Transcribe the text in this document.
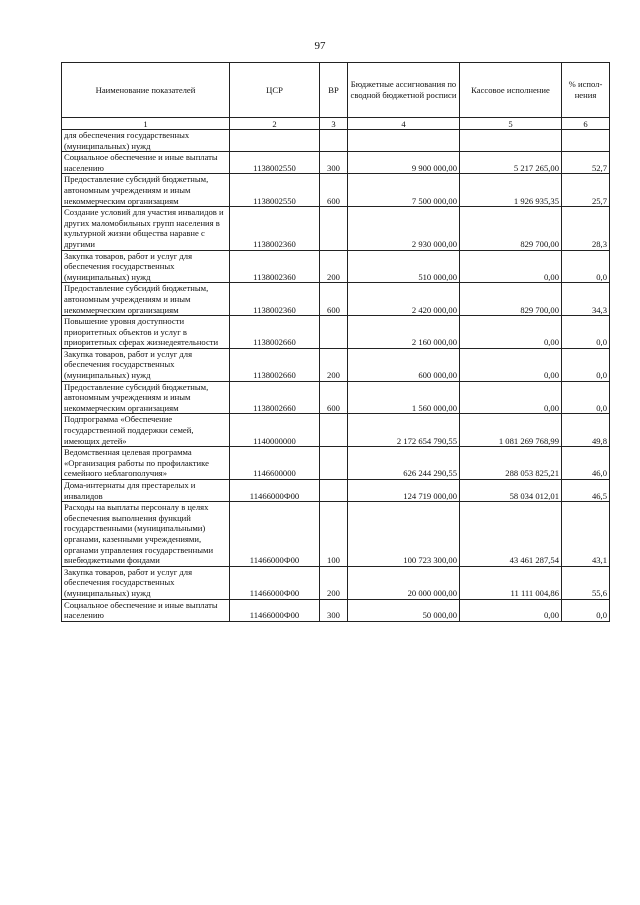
97
Наименование показателей	ЦСР	ВР	Бюджетные ассигнования по сводной бюджетной росписи	Кассовое исполнение	% испол-нения
1	2	3	4	5	6
для обеспечения государственных (муниципальных) нужд					
Социальное обеспечение и иные выплаты населению	1138002550	300	9 900 000,00	5 217 265,00	52,7
Предоставление субсидий бюджетным, автономным учреждениям и иным некоммерческим организациям	1138002550	600	7 500 000,00	1 926 935,35	25,7
Создание условий для участия инвалидов и других маломобильных групп населения в культурной жизни общества наравне с другими	1138002360		2 930 000,00	829 700,00	28,3
Закупка товаров, работ и услуг для обеспечения государственных (муниципальных) нужд	1138002360	200	510 000,00	0,00	0,0
Предоставление субсидий бюджетным, автономным учреждениям и иным некоммерческим организациям	1138002360	600	2 420 000,00	829 700,00	34,3
Повышение уровня доступности приоритетных объектов и услуг в приоритетных сферах жизнедеятельности	1138002660		2 160 000,00	0,00	0,0
Закупка товаров, работ и услуг для обеспечения государственных (муниципальных) нужд	1138002660	200	600 000,00	0,00	0,0
Предоставление субсидий бюджетным, автономным учреждениям и иным некоммерческим организациям	1138002660	600	1 560 000,00	0,00	0,0
Подпрограмма «Обеспечение государственной поддержки семей, имеющих детей»	1140000000		2 172 654 790,55	1 081 269 768,99	49,8
Ведомственная целевая программа «Организация работы по профилактике семейного неблагополучия»	1146600000		626 244 290,55	288 053 825,21	46,0
Дома-интернаты для престарелых и инвалидов	11466000Ф00		124 719 000,00	58 034 012,01	46,5
Расходы на выплаты персоналу в целях обеспечения выполнения функций государственными (муниципальными) органами, казенными учреждениями, органами управления государственными внебюджетными фондами	11466000Ф00	100	100 723 300,00	43 461 287,54	43,1
Закупка товаров, работ и услуг для обеспечения государственных (муниципальных) нужд	11466000Ф00	200	20 000 000,00	11 111 004,86	55,6
Социальное обеспечение и иные выплаты населению	11466000Ф00	300	50 000,00	0,00	0,0
